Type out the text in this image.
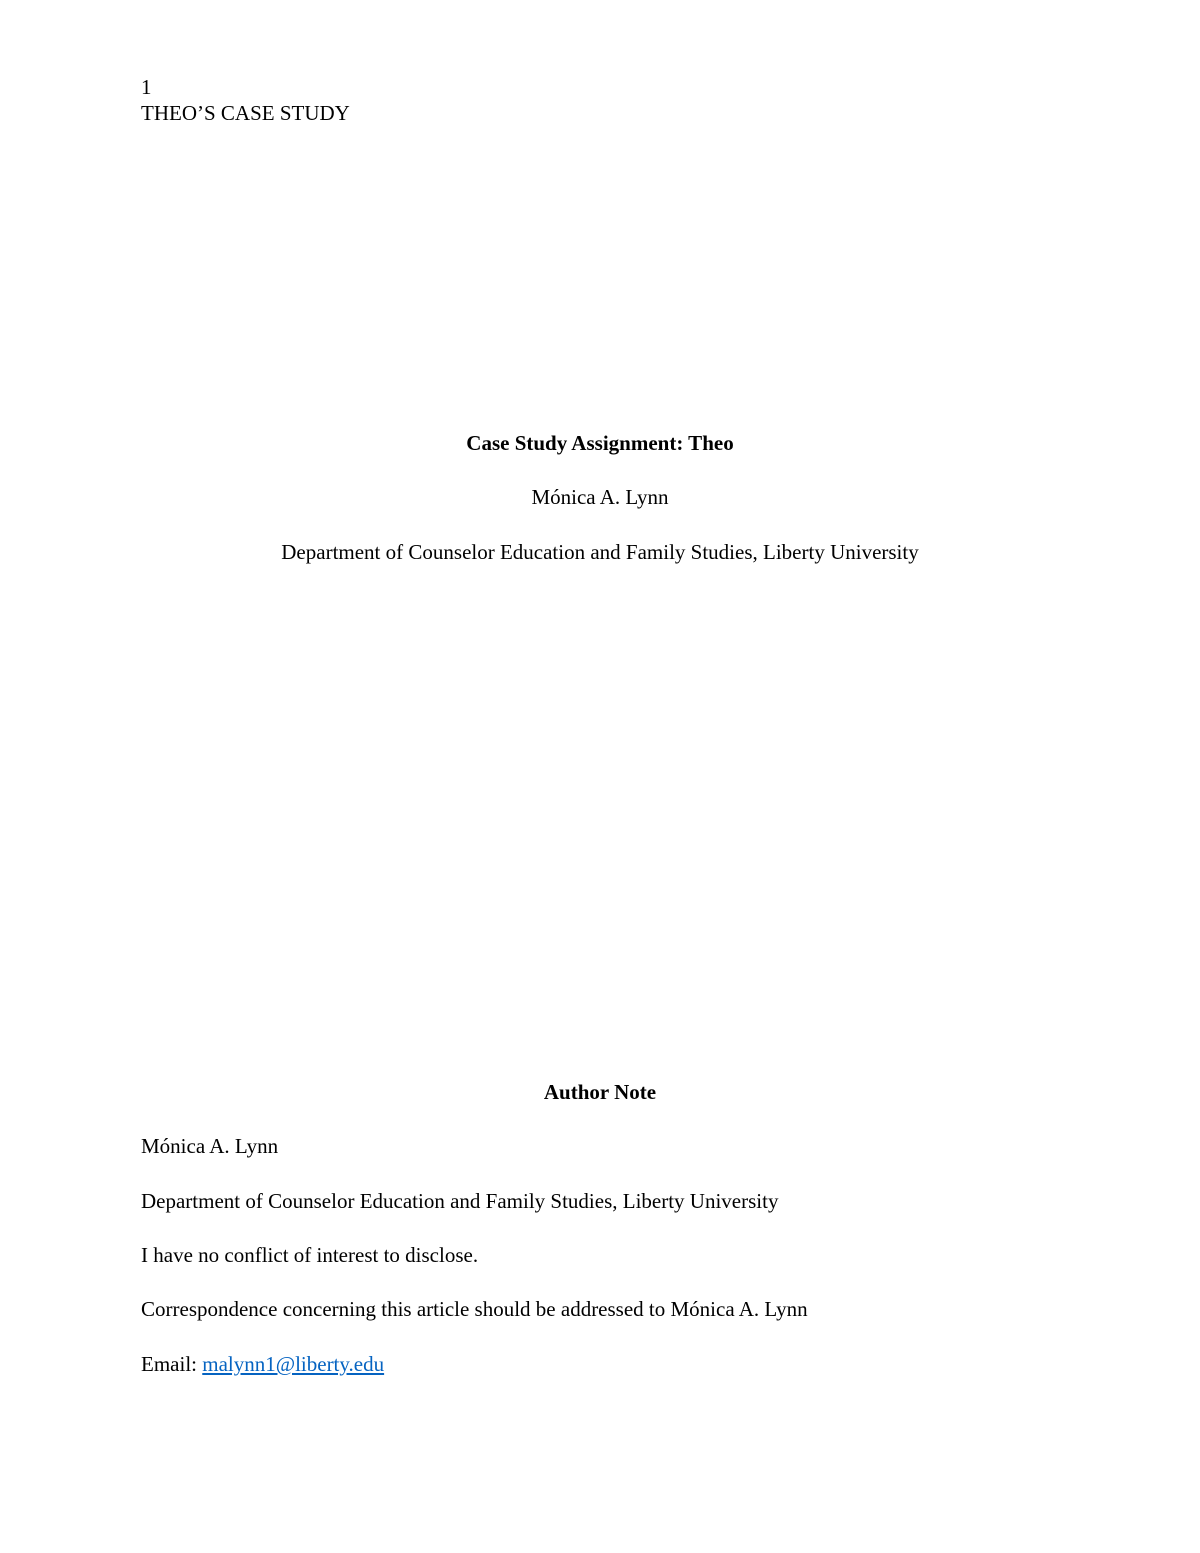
1
THEO’S CASE STUDY
Case Study Assignment: Theo
Mónica A. Lynn
Department of Counselor Education and Family Studies, Liberty University
Author Note
Mónica A. Lynn
Department of Counselor Education and Family Studies, Liberty University
I have no conflict of interest to disclose.
Correspondence concerning this article should be addressed to Mónica A. Lynn
Email: malynn1@liberty.edu
